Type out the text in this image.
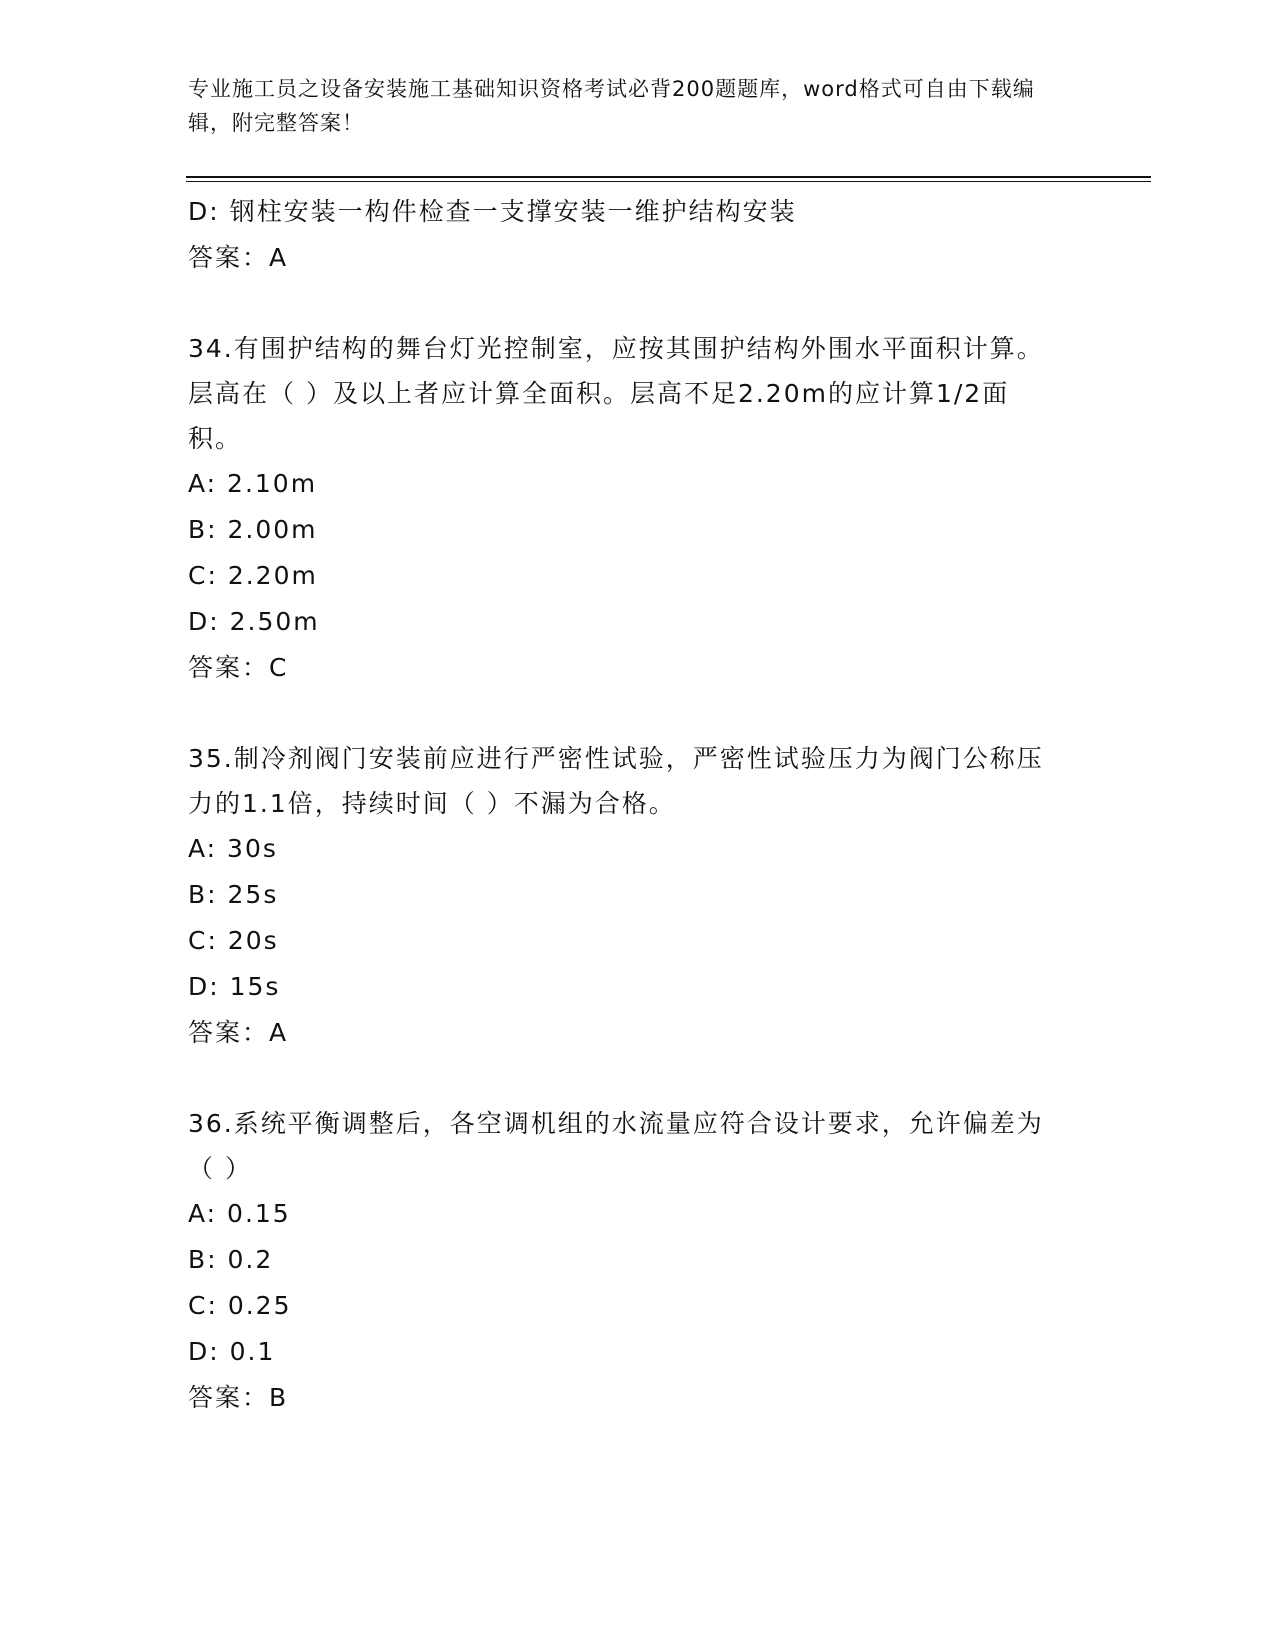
专业施工员之设备安装施工基础知识资格考试必背200题题库，word格式可自由下载编辑，附完整答案！
D: 钢柱安装一构件检查一支撑安装一维护结构安装
答案：A
34.有围护结构的舞台灯光控制室，应按其围护结构外围水平面积计算。层高在（ ）及以上者应计算全面积。层高不足2.20m的应计算1/2面积。
A: 2.10m
B: 2.00m
C: 2.20m
D: 2.50m
答案：C
35.制冷剂阀门安装前应进行严密性试验，严密性试验压力为阀门公称压力的1.1倍，持续时间（ ）不漏为合格。
A: 30s
B: 25s
C: 20s
D: 15s
答案：A
36.系统平衡调整后，各空调机组的水流量应符合设计要求，允许偏差为（ ）
A: 0.15
B: 0.2
C: 0.25
D: 0.1
答案：B
